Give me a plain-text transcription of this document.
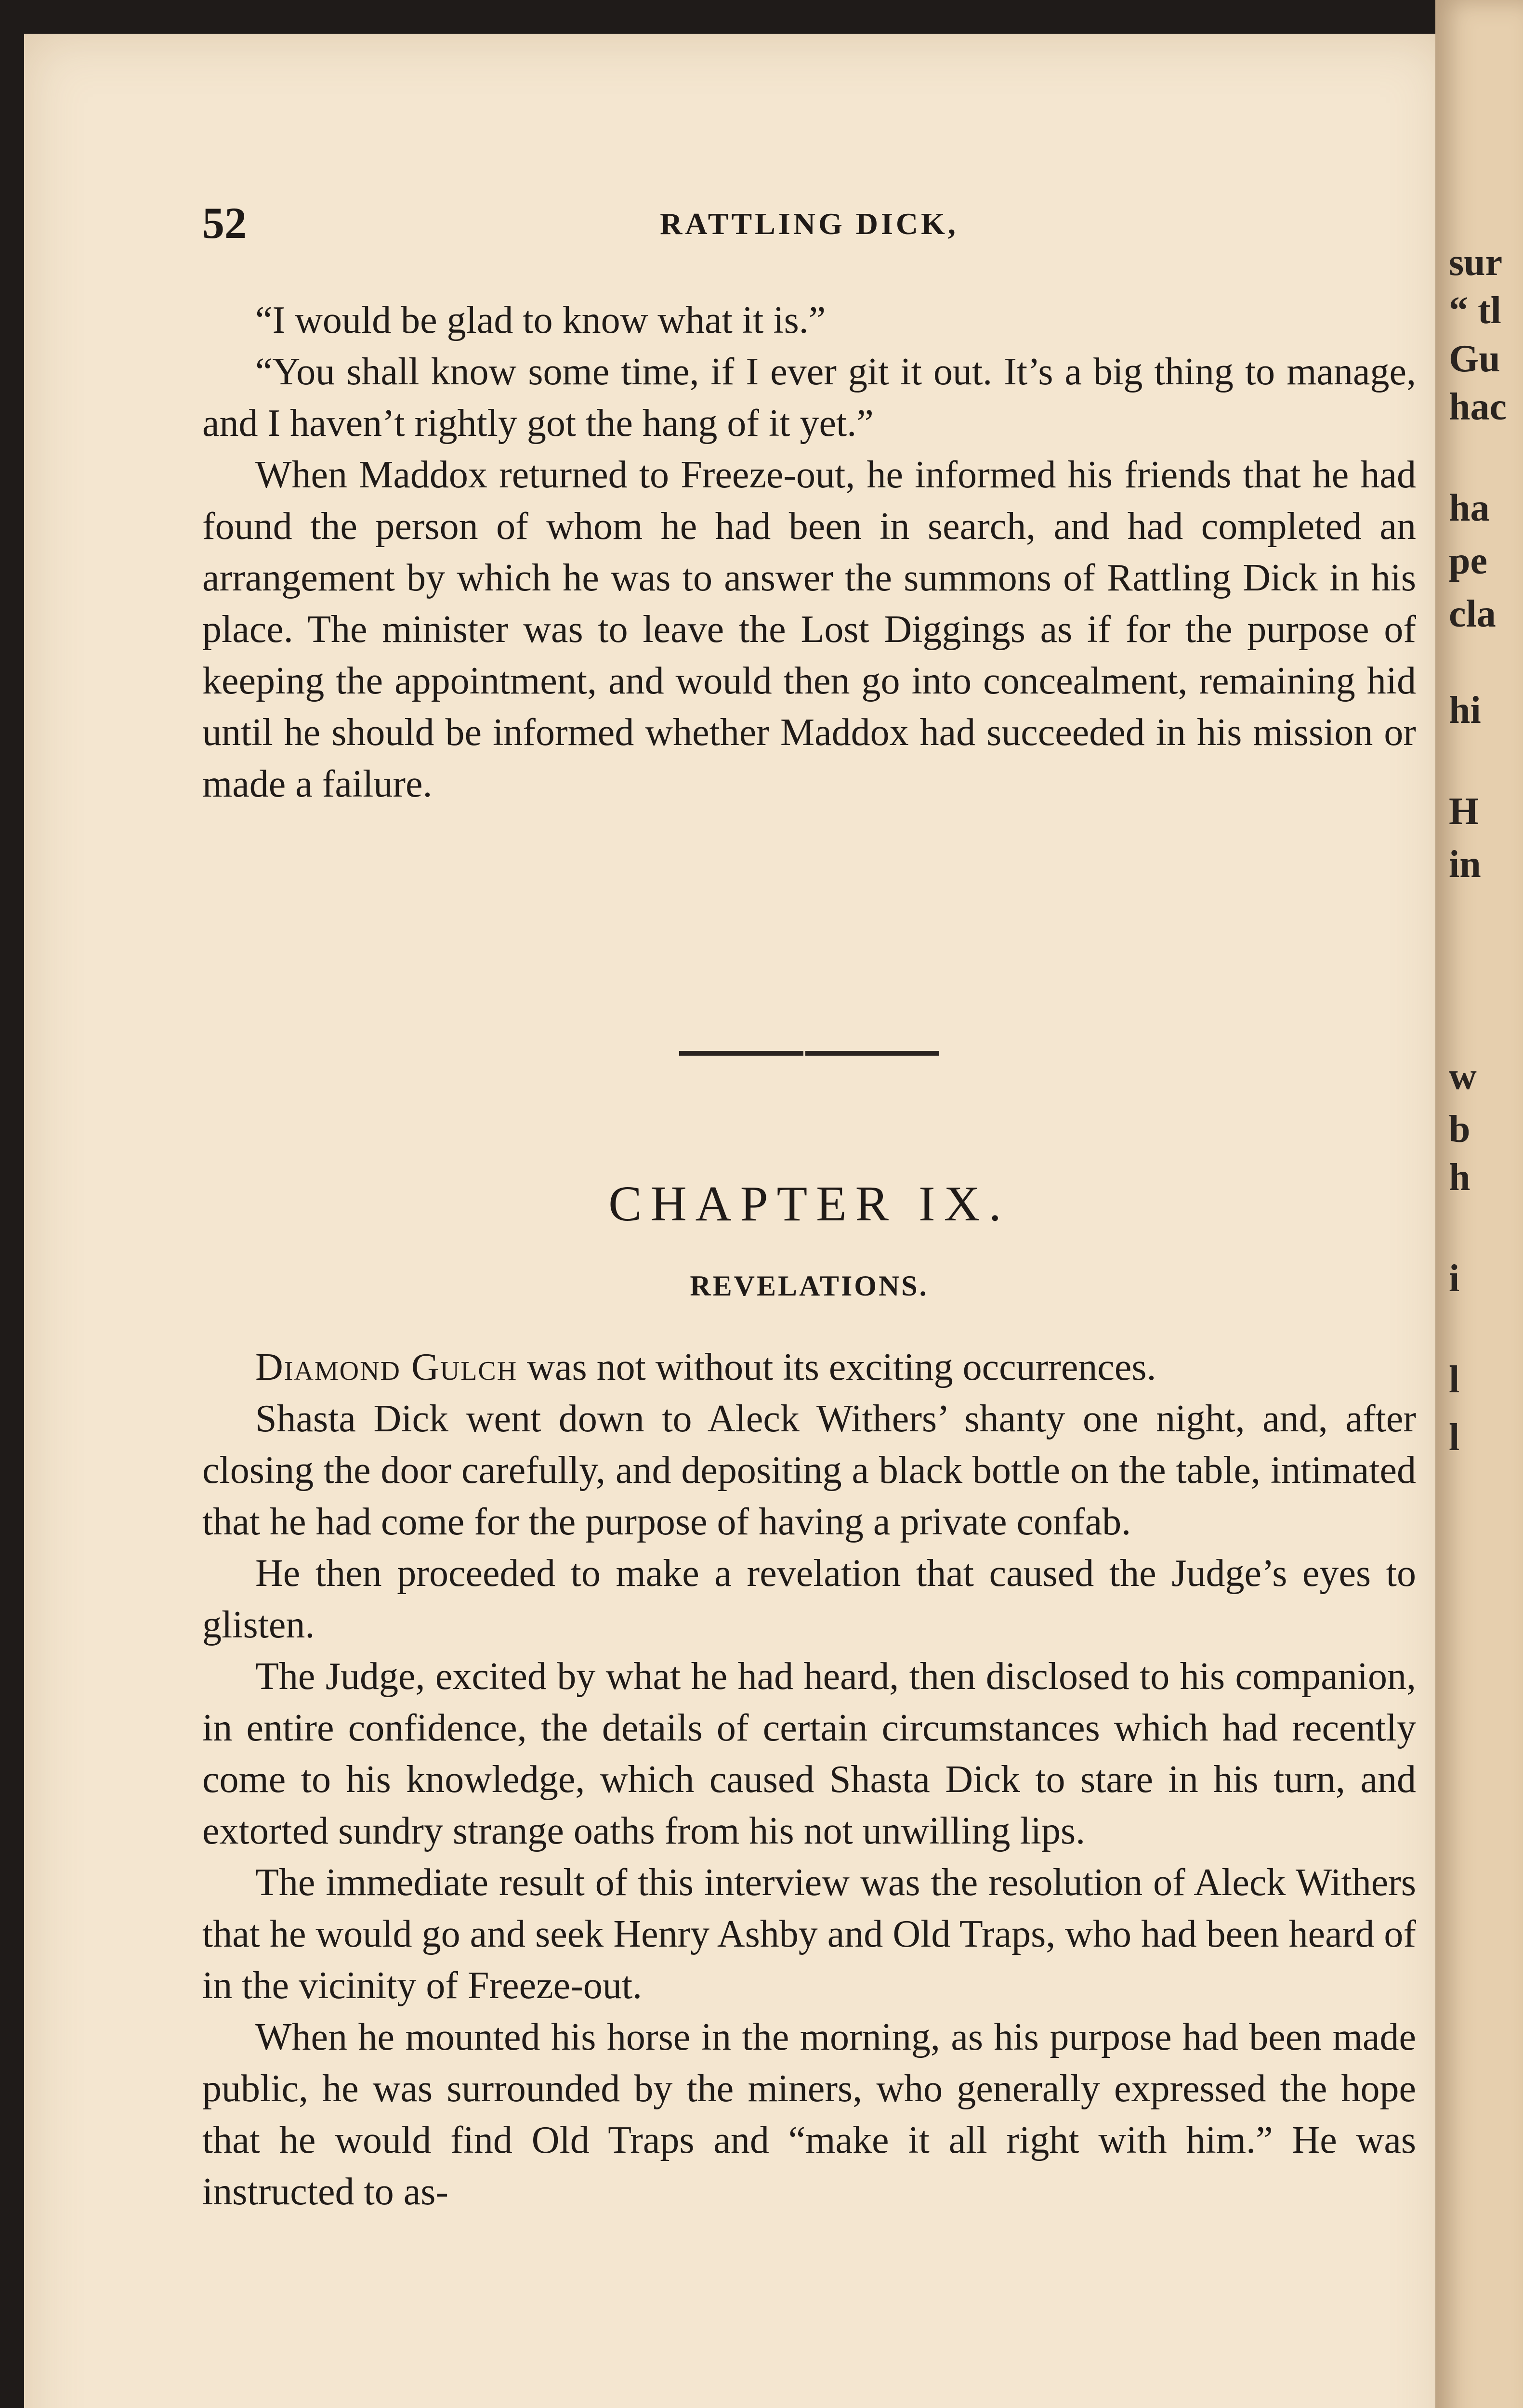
sur
“ tl
Gu
hac
ha
pe
cla
hi
H
in
w
b
h
i
l
l
52	RATTLING DICK,

“I would be glad to know what it is.”

“You shall know some time, if I ever git it out. It’s a big thing to manage, and I haven’t rightly got the hang of it yet.”

When Maddox returned to Freeze-out, he informed his friends that he had found the person of whom he had been in search, and had completed an arrangement by which he was to answer the summons of Rattling Dick in his place. The minister was to leave the Lost Diggings as if for the purpose of keeping the appointment, and would then go into concealment, remaining hid until he should be informed whether Maddox had succeeded in his mission or made a failure.

CHAPTER IX.
REVELATIONS.

Diamond Gulch was not without its exciting occurrences.

Shasta Dick went down to Aleck Withers’ shanty one night, and, after closing the door carefully, and depositing a black bottle on the table, intimated that he had come for the purpose of having a private confab.

He then proceeded to make a revelation that caused the Judge’s eyes to glisten.

The Judge, excited by what he had heard, then disclosed to his companion, in entire confidence, the details of certain circumstances which had recently come to his knowledge, which caused Shasta Dick to stare in his turn, and extorted sundry strange oaths from his not unwilling lips.

The immediate result of this interview was the resolution of Aleck Withers that he would go and seek Henry Ashby and Old Traps, who had been heard of in the vicinity of Freeze-out.

When he mounted his horse in the morning, as his purpose had been made public, he was surrounded by the miners, who generally expressed the hope that he would find Old Traps and “make it all right with him.” He was instructed to as-
